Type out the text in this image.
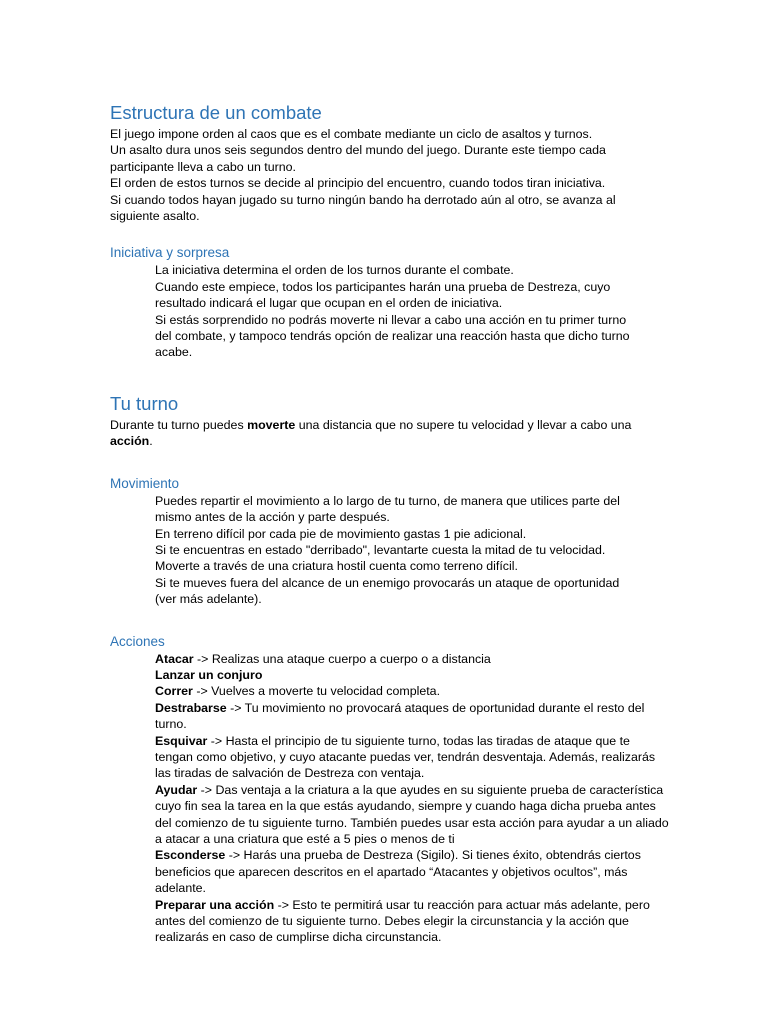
Estructura de un combate

El juego impone orden al caos que es el combate mediante un ciclo de asaltos y turnos.

Un asalto dura unos seis segundos dentro del mundo del juego. Durante este tiempo cada

participante lleva a cabo un turno.

El orden de estos turnos se decide al principio del encuentro, cuando todos tiran iniciativa.

Si cuando todos hayan jugado su turno ningún bando ha derrotado aún al otro, se avanza al

siguiente asalto.

Iniciativa y sorpresa

La iniciativa determina el orden de los turnos durante el combate.

Cuando este empiece, todos los participantes harán una prueba de Destreza, cuyo

resultado indicará el lugar que ocupan en el orden de iniciativa.

Si estás sorprendido no podrás moverte ni llevar a cabo una acción en tu primer turno

del combate, y tampoco tendrás opción de realizar una reacción hasta que dicho turno

acabe.

Tu turno

Durante tu turno puedes moverte una distancia que no supere tu velocidad y llevar a cabo una

acción.

Movimiento

Puedes repartir el movimiento a lo largo de tu turno, de manera que utilices parte del

mismo antes de la acción y parte después.

En terreno difícil por cada pie de movimiento gastas 1 pie adicional.

Si te encuentras en estado "derribado", levantarte cuesta la mitad de tu velocidad.

Moverte a través de una criatura hostil cuenta como terreno difícil.

Si te mueves fuera del alcance de un enemigo provocarás un ataque de oportunidad

(ver más adelante).

Acciones

Atacar -> Realizas una ataque cuerpo a cuerpo o a distancia

Lanzar un conjuro

Correr -> Vuelves a moverte tu velocidad completa.

Destrabarse -> Tu movimiento no provocará ataques de oportunidad durante el resto del turno.

Esquivar -> Hasta el principio de tu siguiente turno, todas las tiradas de ataque que te tengan como objetivo, y cuyo atacante puedas ver, tendrán desventaja. Además, realizarás las tiradas de salvación de Destreza con ventaja.

Ayudar -> Das ventaja a la criatura a la que ayudes en su siguiente prueba de característica cuyo fin sea la tarea en la que estás ayudando, siempre y cuando haga dicha prueba antes del comienzo de tu siguiente turno. También puedes usar esta acción para ayudar a un aliado a atacar a una criatura que esté a 5 pies o menos de ti

Esconderse -> Harás una prueba de Destreza (Sigilo). Si tienes éxito, obtendrás ciertos beneficios que aparecen descritos en el apartado “Atacantes y objetivos ocultos”, más adelante.

Preparar una acción -> Esto te permitirá usar tu reacción para actuar más adelante, pero antes del comienzo de tu siguiente turno. Debes elegir la circunstancia y la acción que realizarás en caso de cumplirse dicha circunstancia.
